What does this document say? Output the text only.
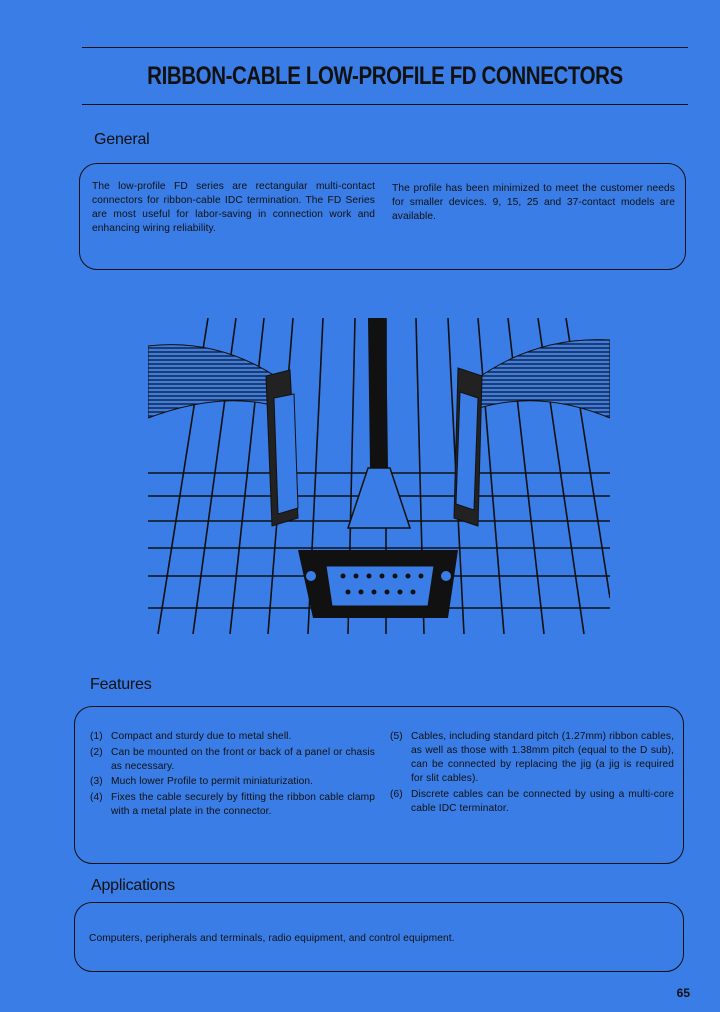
RIBBON-CABLE LOW-PROFILE FD CONNECTORS
General
The low-profile FD series are rectangular multi-contact connectors for ribbon-cable IDC termination. The FD Series are most useful for labor-saving in connection work and enhancing wiring reliability.
The profile has been minimized to meet the customer needs for smaller devices. 9, 15, 25 and 37-contact models are available.
Features
(1) Compact and sturdy due to metal shell.
(2) Can be mounted on the front or back of a panel or chasis as necessary.
(3) Much lower Profile to permit miniaturization.
(4) Fixes the cable securely by fitting the ribbon cable clamp with a metal plate in the connector.
(5) Cables, including standard pitch (1.27mm) ribbon cables, as well as those with 1.38mm pitch (equal to the D sub), can be connected by replacing the jig (a jig is required for slit cables).
(6) Discrete cables can be connected by using a multi-core cable IDC terminator.
Applications
Computers, peripherals and terminals, radio equipment, and control equipment.
65
